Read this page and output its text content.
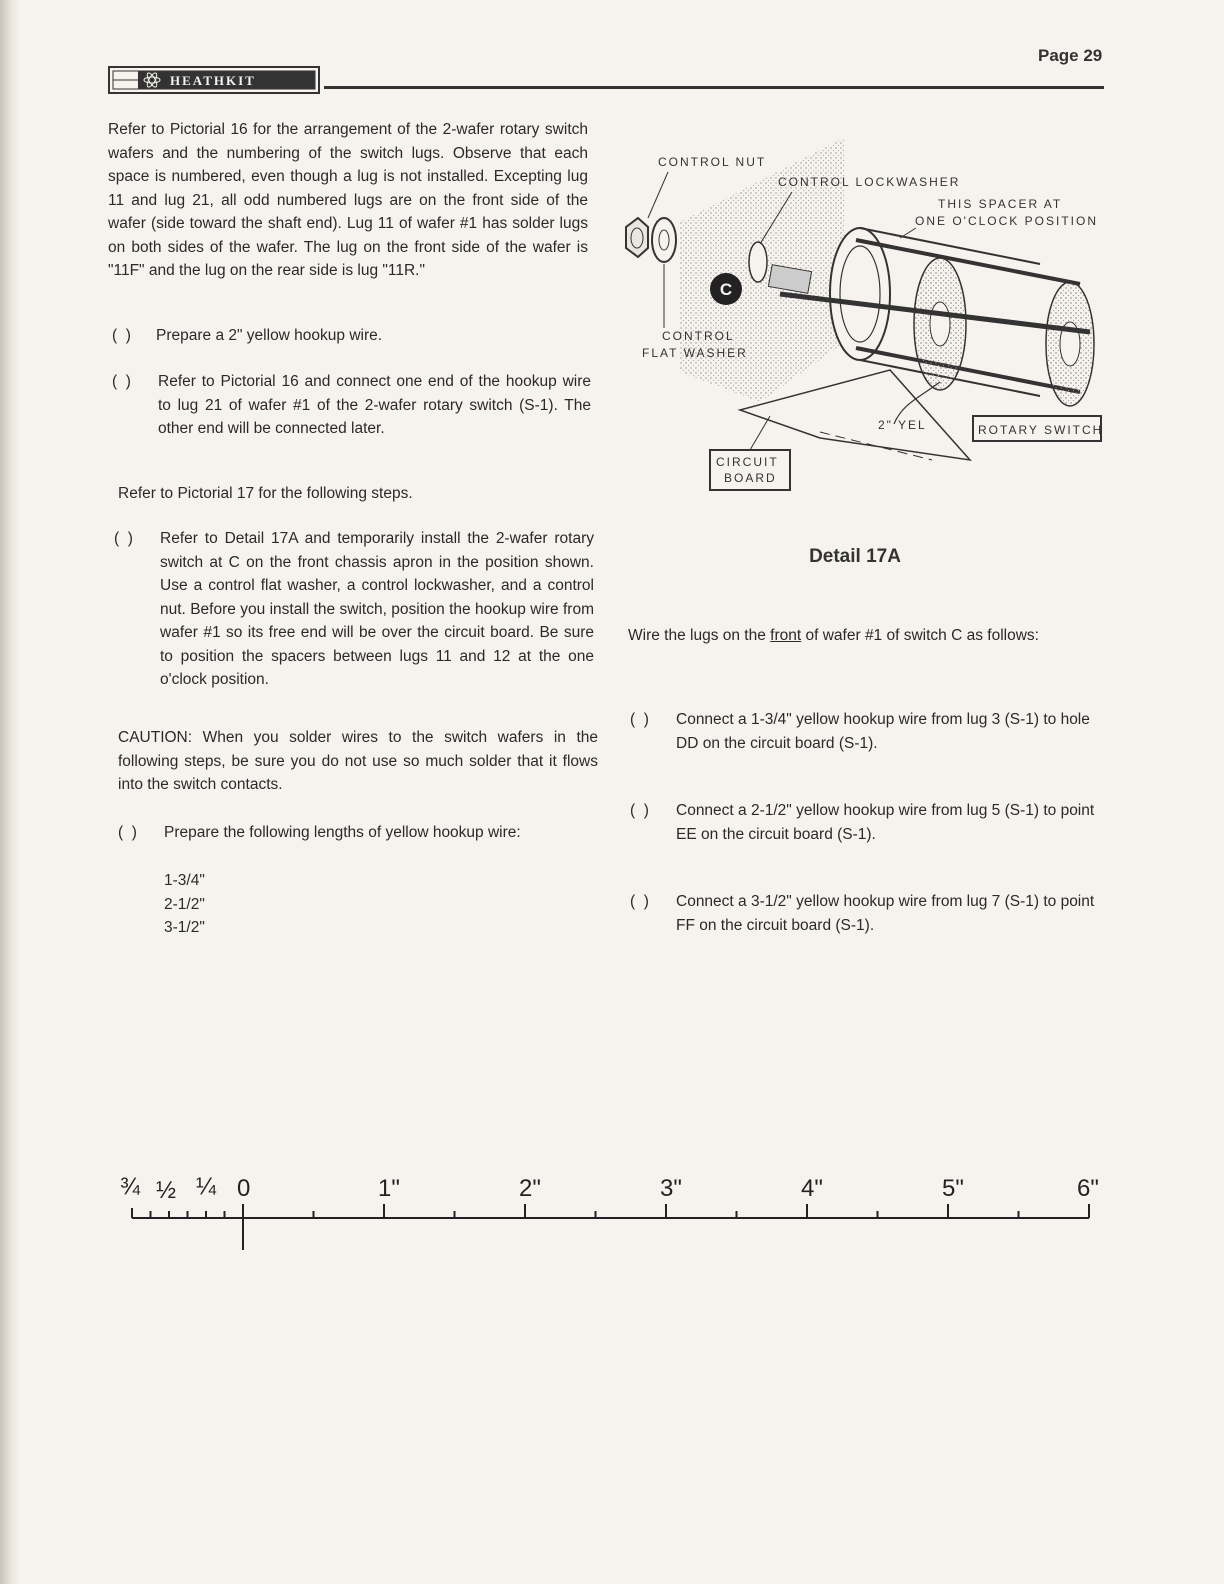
Page 29
HEATHKIT

Refer to Pictorial 16 for the arrangement of the 2-wafer rotary switch wafers and the numbering of the switch lugs. Observe that each space is numbered, even though a lug is not installed. Excepting lug 11 and lug 21, all odd numbered lugs are on the front side of the wafer (side toward the shaft end). Lug 11 of wafer #1 has solder lugs on both sides of the wafer. The lug on the front side of the wafer is "11F" and the lug on the rear side is lug "11R."

(  ) Prepare a 2" yellow hookup wire.
(  ) Refer to Pictorial 16 and connect one end of the hookup wire to lug 21 of wafer #1 of the 2-wafer rotary switch (S-1). The other end will be connected later.

Refer to Pictorial 17 for the following steps.

(  ) Refer to Detail 17A and temporarily install the 2-wafer rotary switch at C on the front chassis apron in the position shown. Use a control flat washer, a control lockwasher, and a control nut. Before you install the switch, position the hookup wire from wafer #1 so its free end will be over the circuit board. Be sure to position the spacers between lugs 11 and 12 at the one o'clock position.

CAUTION: When you solder wires to the switch wafers in the following steps, be sure you do not use so much solder that it flows into the switch contacts.

(  ) Prepare the following lengths of yellow hookup wire:
1-3/4"
2-1/2"
3-1/2"
C
CONTROL NUT
CONTROL LOCKWASHER
THIS SPACER AT
ONE O'CLOCK POSITION
CONTROL
FLAT WASHER
2" YEL	ROTARY SWITCH
CIRCUIT
BOARD
Detail 17A
Wire the lugs on the front of wafer #1 of switch C as follows:
(  ) Connect a 1-3/4" yellow hookup wire from lug 3 (S-1) to hole DD on the circuit board (S-1).
(  ) Connect a 2-1/2" yellow hookup wire from lug 5 (S-1) to point EE on the circuit board (S-1).
(  ) Connect a 3-1/2" yellow hookup wire from lug 7 (S-1) to point FF on the circuit board (S-1).
¾ ½ ¼ 0	1"	2"	3"	4"	5"	6"
